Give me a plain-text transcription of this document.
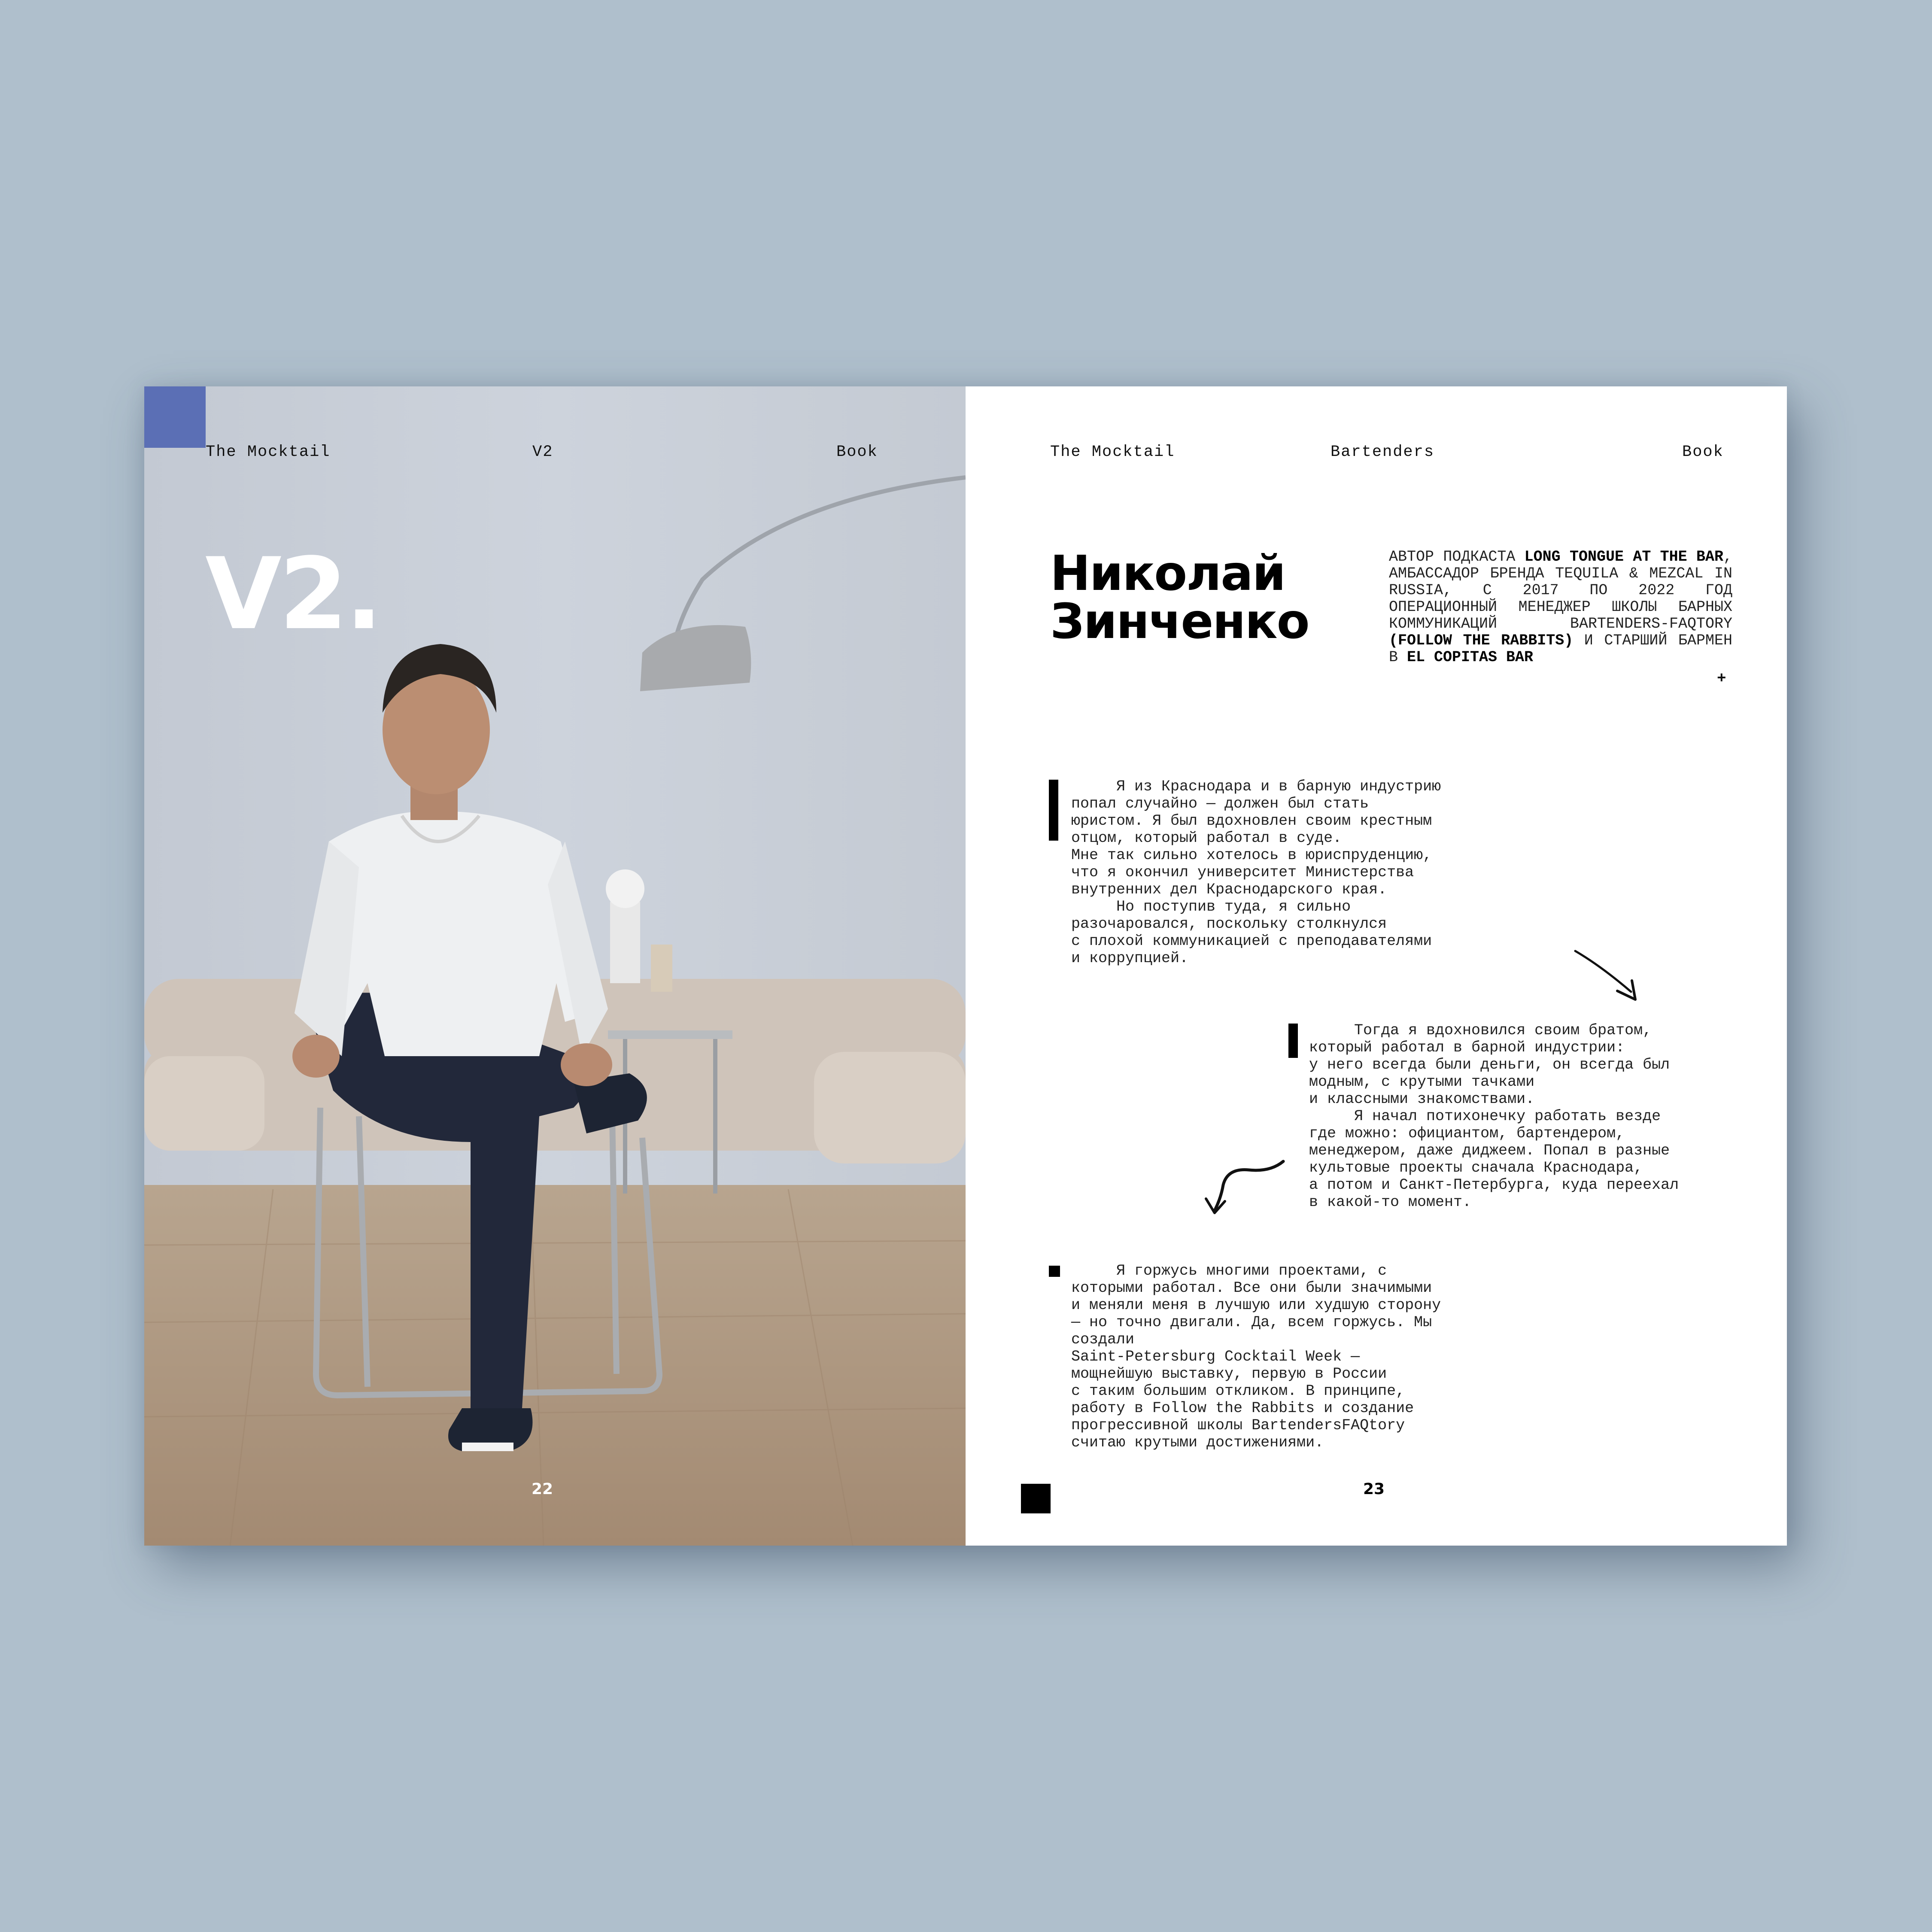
The Mocktail	V2	Book
V2.
22
The Mocktail	Bartenders	Book
Николай
Зинченко
АВТОР ПОДКАСТА LONG TONGUE AT THE BAR, АМБАССАДОР БРЕНДА TEQUILA & MEZCAL IN RUSSIA, С 2017 ПО 2022 ГОД ОПЕРАЦИОННЫЙ МЕНЕДЖЕР ШКОЛЫ БАРНЫХ КОММУНИКАЦИЙ BARTENDERS-FAQTORY (FOLLOW THE RABBITS) И СТАРШИЙ БАРМЕН В EL COPITAS BAR
+
Я из Краснодара и в барную индустрию
попал случайно — должен был стать
юристом. Я был вдохновлен своим крестным
отцом, который работал в суде.
Мне так сильно хотелось в юриспруденцию,
что я окончил университет Министерства
внутренних дел Краснодарского края.
Но поступив туда, я сильно
разочаровался, поскольку столкнулся
с плохой коммуникацией с преподавателями
и коррупцией.
Тогда я вдохновился своим братом,
который работал в барной индустрии:
у него всегда были деньги, он всегда был
модным, с крутыми тачками
и классными знакомствами.
Я начал потихонечку работать везде
где можно: официантом, бартендером,
менеджером, даже диджеем. Попал в разные
культовые проекты сначала Краснодара,
а потом и Санкт-Петербурга, куда переехал
в какой-то момент.
Я горжусь многими проектами, с
которыми работал. Все они были значимыми
и меняли меня в лучшую или худшую сторону
— но точно двигали. Да, всем горжусь. Мы
создали
Saint-Petersburg Cocktail Week —
мощнейшую выставку, первую в России
с таким большим откликом. В принципе,
работу в Follow the Rabbits и создание
прогрессивной школы BartendersFAQtory
считаю крутыми достижениями.
23
